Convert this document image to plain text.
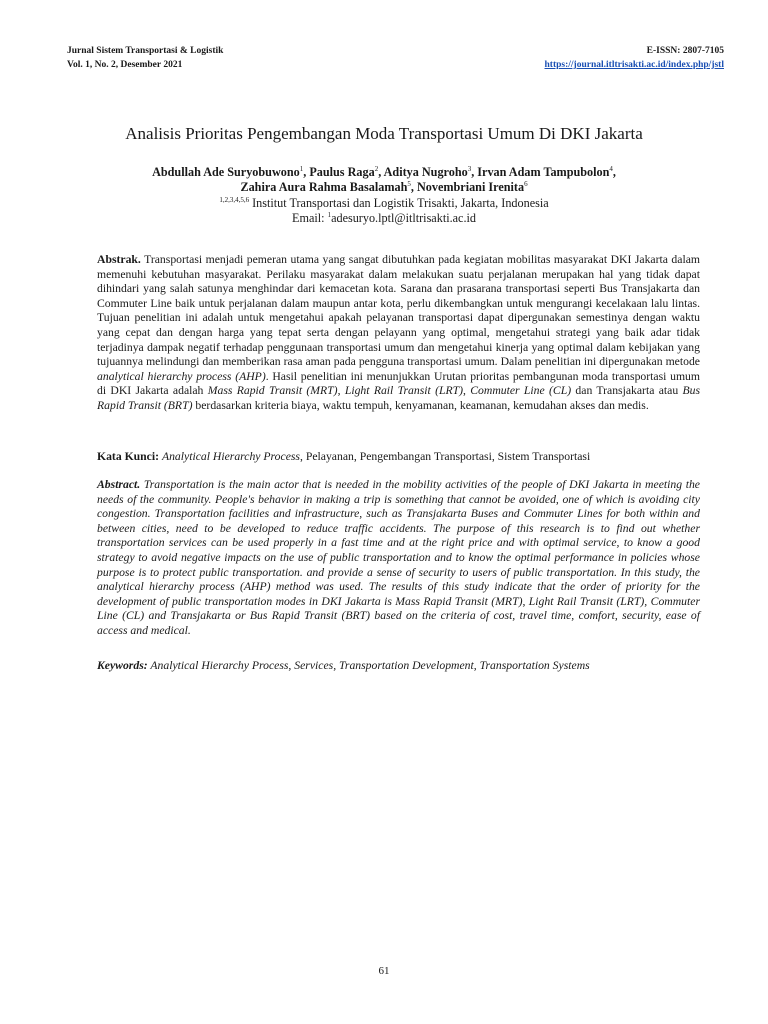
Jurnal Sistem Transportasi & Logistik
Vol. 1, No. 2, Desember 2021
E-ISSN: 2807-7105
https://journal.itltrisakti.ac.id/index.php/jstl
Analisis Prioritas Pengembangan Moda Transportasi Umum Di DKI Jakarta
Abdullah Ade Suryobuwono$^1$, Paulus Raga$^2$, Aditya Nugroho$^3$, Irvan Adam Tampubolon$^4$,
Zahira Aura Rahma Basalamah$^5$, Novembriani Irenita$^6$
$^{1,2,3,4,5,6}$ Institut Transportasi dan Logistik Trisakti, Jakarta, Indonesia
Email: $^1$adesuryo.lptl@itltrisakti.ac.id
Abstrak. Transportasi menjadi pemeran utama yang sangat dibutuhkan pada kegiatan mobilitas masyarakat DKI Jakarta dalam memenuhi kebutuhan masyarakat. Perilaku masyarakat dalam melakukan suatu perjalanan merupakan hal yang tidak dapat dihindari yang salah satunya menghindar dari kemacetan kota. Sarana dan prasarana transportasi seperti Bus Transjakarta dan Commuter Line baik untuk perjalanan dalam maupun antar kota, perlu dikembangkan untuk mengurangi kecelakaan lalu lintas. Tujuan penelitian ini adalah untuk mengetahui apakah pelayanan transportasi dapat dipergunakan semestinya dengan waktu yang cepat dan dengan harga yang tepat serta dengan pelayann yang optimal, mengetahui strategi yang baik adar tidak terjadinya dampak negatif terhadap penggunaan transportasi umum dan mengetahui kinerja yang optimal dalam kebijakan yang tujuannya melindungi dan memberikan rasa aman pada pengguna transportasi umum. Dalam penelitian ini dipergunakan metode analytical hierarchy process (AHP). Hasil penelitian ini menunjukkan Urutan prioritas pembangunan moda transportasi umum di DKI Jakarta adalah Mass Rapid Transit (MRT), Light Rail Transit (LRT), Commuter Line (CL) dan Transjakarta atau Bus Rapid Transit (BRT) berdasarkan kriteria biaya, waktu tempuh, kenyamanan, keamanan, kemudahan akses dan medis.
Kata Kunci: Analytical Hierarchy Process, Pelayanan, Pengembangan Transportasi, Sistem Transportasi
Abstract. Transportation is the main actor that is needed in the mobility activities of the people of DKI Jakarta in meeting the needs of the community. People's behavior in making a trip is something that cannot be avoided, one of which is avoiding city congestion. Transportation facilities and infrastructure, such as Transjakarta Buses and Commuter Lines for both within and between cities, need to be developed to reduce traffic accidents. The purpose of this research is to find out whether transportation services can be used properly in a fast time and at the right price and with optimal service, to know a good strategy to avoid negative impacts on the use of public transportation and to know the optimal performance in policies whose purpose is to protect public transportation. and provide a sense of security to users of public transportation. In this study, the analytical hierarchy process (AHP) method was used. The results of this study indicate that the order of priority for the development of public transportation modes in DKI Jakarta is Mass Rapid Transit (MRT), Light Rail Transit (LRT), Commuter Line (CL) and Transjakarta or Bus Rapid Transit (BRT) based on the criteria of cost, travel time, comfort, security, ease of access and medical.
Keywords: Analytical Hierarchy Process, Services, Transportation Development, Transportation Systems
61
